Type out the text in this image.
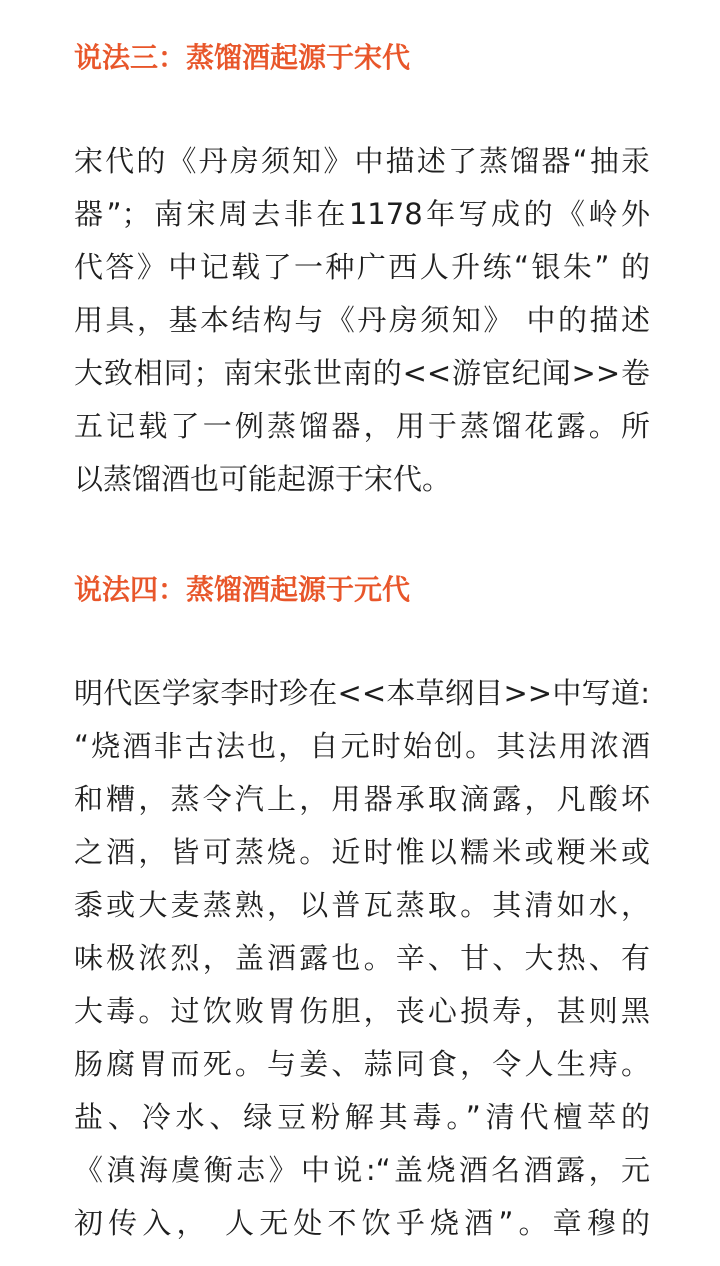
说法三：蒸馏酒起源于宋代
宋代的《丹房须知》中描述了蒸馏器“抽汞
器”；南宋周去非在1178年写成的《岭外
代答》中记载了一种广西人升练“银朱” 的
用具，基本结构与《丹房须知》 中的描述
大致相同；南宋张世南的<<游宦纪闻>>卷
五记载了一例蒸馏器，用于蒸馏花露。所
以蒸馏酒也可能起源于宋代。
说法四：蒸馏酒起源于元代
明代医学家李时珍在<<本草纲目>>中写道:
“烧酒非古法也，自元时始创。其法用浓酒
和糟，蒸令汽上，用器承取滴露，凡酸坏
之酒，皆可蒸烧。近时惟以糯米或粳米或
黍或大麦蒸熟，以普瓦蒸取。其清如水，
味极浓烈，盖酒露也。辛、甘、大热、有
大毒。过饮败胃伤胆，丧心损寿，甚则黑
肠腐胃而死。与姜、蒜同食，令人生痔。
盐、冷水、绿豆粉解其毒。”清代檀萃的
《滇海虞衡志》中说:“盖烧酒名酒露，元
初传入， 人无处不饮乎烧酒”。章穆的
